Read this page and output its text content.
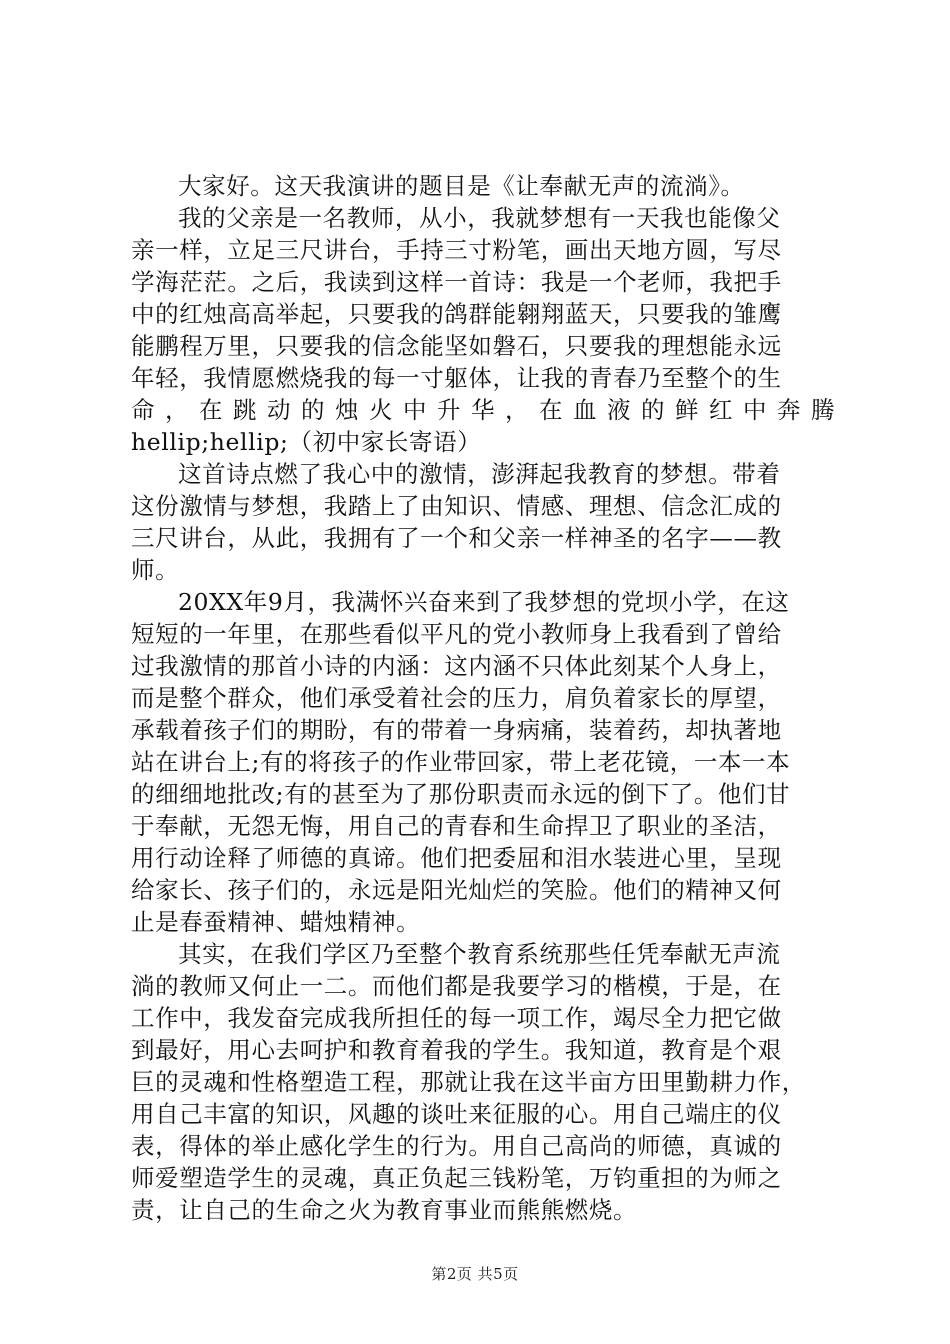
大家好。这天我演讲的题目是《让奉献无声的流淌》。
我的父亲是一名教师，从小，我就梦想有一天我也能像父
亲一样，立足三尺讲台，手持三寸粉笔，画出天地方圆，写尽
学海茫茫。之后，我读到这样一首诗：我是一个老师，我把手
中的红烛高高举起，只要我的鸽群能翱翔蓝天，只要我的雏鹰
能鹏程万里，只要我的信念能坚如磐石，只要我的理想能永远
年轻，我情愿燃烧我的每一寸躯体，让我的青春乃至整个的生
命，在跳动的烛火中升华，在血液的鲜红中奔腾
hellip;hellip;（初中家长寄语）
这首诗点燃了我心中的激情，澎湃起我教育的梦想。带着
这份激情与梦想，我踏上了由知识、情感、理想、信念汇成的
三尺讲台，从此，我拥有了一个和父亲一样神圣的名字——教
师。
20XX年9月，我满怀兴奋来到了我梦想的党坝小学，在这
短短的一年里，在那些看似平凡的党小教师身上我看到了曾给
过我激情的那首小诗的内涵：这内涵不只体此刻某个人身上，
而是整个群众，他们承受着社会的压力，肩负着家长的厚望，
承载着孩子们的期盼，有的带着一身病痛，装着药，却执著地
站在讲台上;有的将孩子的作业带回家，带上老花镜，一本一本
的细细地批改;有的甚至为了那份职责而永远的倒下了。他们甘
于奉献，无怨无悔，用自己的青春和生命捍卫了职业的圣洁，
用行动诠释了师德的真谛。他们把委屈和泪水装进心里，呈现
给家长、孩子们的，永远是阳光灿烂的笑脸。他们的精神又何
止是春蚕精神、蜡烛精神。
其实，在我们学区乃至整个教育系统那些任凭奉献无声流
淌的教师又何止一二。而他们都是我要学习的楷模，于是，在
工作中，我发奋完成我所担任的每一项工作，竭尽全力把它做
到最好，用心去呵护和教育着我的学生。我知道，教育是个艰
巨的灵魂和性格塑造工程，那就让我在这半亩方田里勤耕力作，
用自己丰富的知识，风趣的谈吐来征服的心。用自己端庄的仪
表，得体的举止感化学生的行为。用自己高尚的师德，真诚的
师爱塑造学生的灵魂，真正负起三钱粉笔，万钧重担的为师之
责，让自己的生命之火为教育事业而熊熊燃烧。
第2页 共5页
